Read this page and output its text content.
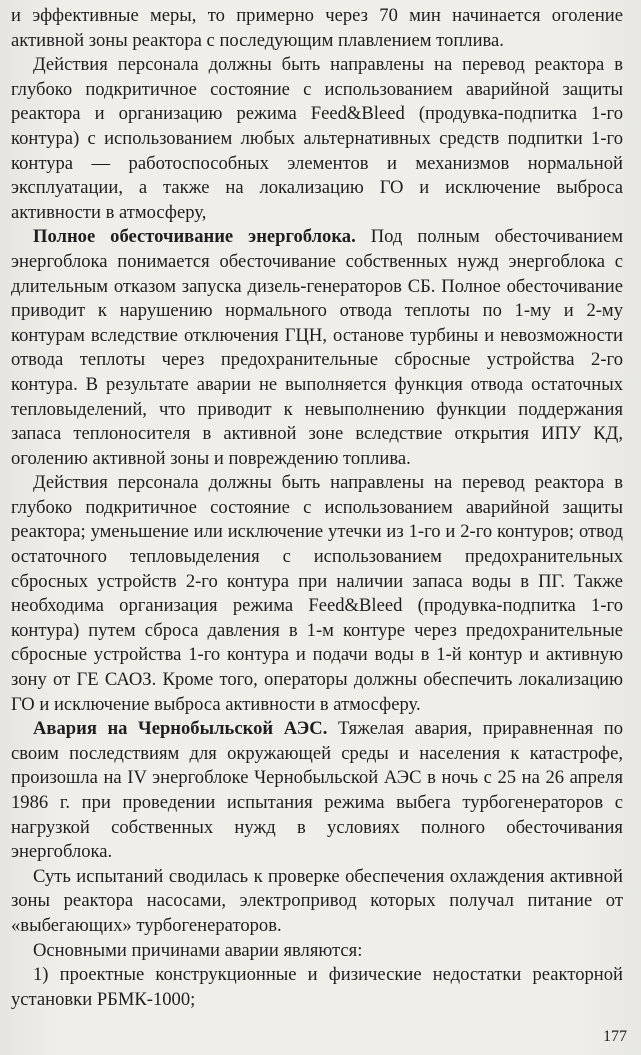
и эффективные меры, то примерно через 70 мин начинается оголение активной зоны реактора с последующим плавлением топлива.

Действия персонала должны быть направлены на перевод реактора в глубоко подкритичное состояние с использованием аварийной защиты реактора и организацию режима Feed&Bleed (продувка-подпитка 1-го контура) с использованием любых альтернативных средств подпитки 1-го контура — работоспособных элементов и механизмов нормальной эксплуатации, а также на локализацию ГО и исключение выброса активности в атмосферу,

Полное обесточивание энергоблока. Под полным обесточиванием энергоблока понимается обесточивание собственных нужд энергоблока с длительным отказом запуска дизель-генераторов СБ. Полное обесточивание приводит к нарушению нормального отвода теплоты по 1-му и 2-му контурам вследствие отключения ГЦН, останове турбины и невозможности отвода теплоты через предохранительные сбросные устройства 2-го контура. В результате аварии не выполняется функция отвода остаточных тепловыделений, что приводит к невыполнению функции поддержания запаса теплоносителя в активной зоне вследствие открытия ИПУ КД, оголению активной зоны и повреждению топлива.

Действия персонала должны быть направлены на перевод реактора в глубоко подкритичное состояние с использованием аварийной защиты реактора; уменьшение или исключение утечки из 1-го и 2-го контуров; отвод остаточного тепловыделения с использованием предохранительных сбросных устройств 2-го контура при наличии запаса воды в ПГ. Также необходима организация режима Feed&Bleed (продувка-подпитка 1-го контура) путем сброса давления в 1-м контуре через предохранительные сбросные устройства 1-го контура и подачи воды в 1-й контур и активную зону от ГЕ САОЗ. Кроме того, операторы должны обеспечить локализацию ГО и исключение выброса активности в атмосферу.

Авария на Чернобыльской АЭС. Тяжелая авария, приравненная по своим последствиям для окружающей среды и населения к катастрофе, произошла на IV энергоблоке Чернобыльской АЭС в ночь с 25 на 26 апреля 1986 г. при проведении испытания режима выбега турбогенераторов с нагрузкой собственных нужд в условиях полного обесточивания энергоблока.

Суть испытаний сводилась к проверке обеспечения охлаждения активной зоны реактора насосами, электропривод которых получал питание от «выбегающих» турбогенераторов.

Основными причинами аварии являются:

1) проектные конструкционные и физические недостатки реакторной установки РБМК-1000;

177
